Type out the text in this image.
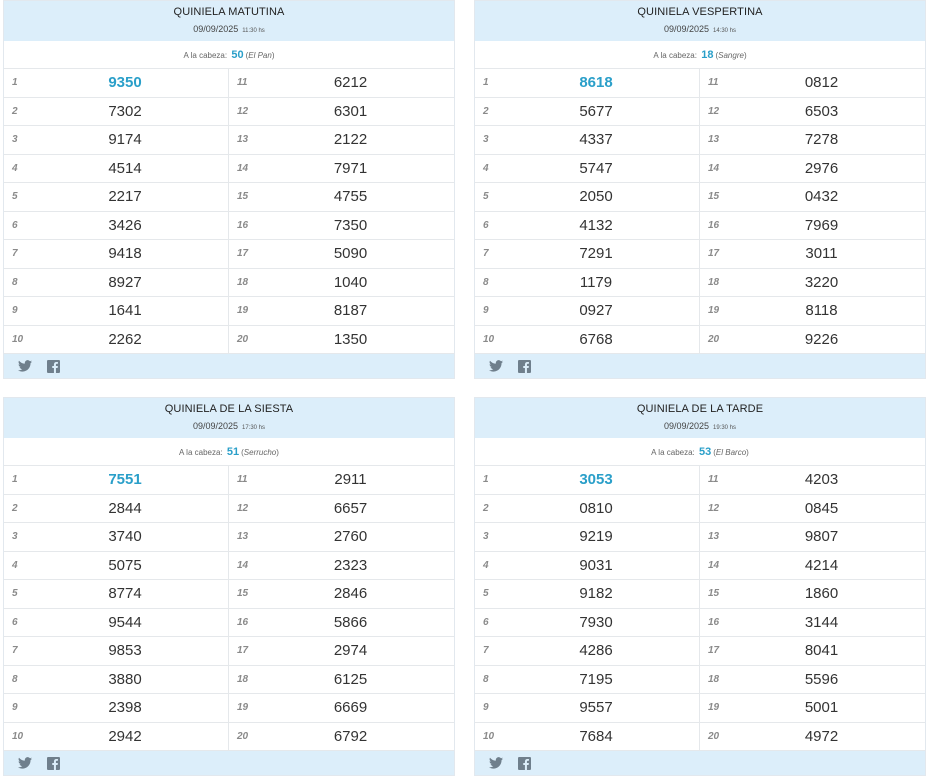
QUINIELA MATUTINA
09/09/2025 11:30 hs
A la cabeza: 50 (El Pan)
1	9350	11	6212
2	7302	12	6301
3	9174	13	2122
4	4514	14	7971
5	2217	15	4755
6	3426	16	7350
7	9418	17	5090
8	8927	18	1040
9	1641	19	8187
10	2262	20	1350
QUINIELA VESPERTINA
09/09/2025 14:30 hs
A la cabeza: 18 (Sangre)
1	8618	11	0812
2	5677	12	6503
3	4337	13	7278
4	5747	14	2976
5	2050	15	0432
6	4132	16	7969
7	7291	17	3011
8	1179	18	3220
9	0927	19	8118
10	6768	20	9226
QUINIELA DE LA SIESTA
09/09/2025 17:30 hs
A la cabeza: 51 (Serrucho)
1	7551	11	2911
2	2844	12	6657
3	3740	13	2760
4	5075	14	2323
5	8774	15	2846
6	9544	16	5866
7	9853	17	2974
8	3880	18	6125
9	2398	19	6669
10	2942	20	6792
QUINIELA DE LA TARDE
09/09/2025 19:30 hs
A la cabeza: 53 (El Barco)
1	3053	11	4203
2	0810	12	0845
3	9219	13	9807
4	9031	14	4214
5	9182	15	1860
6	7930	16	3144
7	4286	17	8041
8	7195	18	5596
9	9557	19	5001
10	7684	20	4972
